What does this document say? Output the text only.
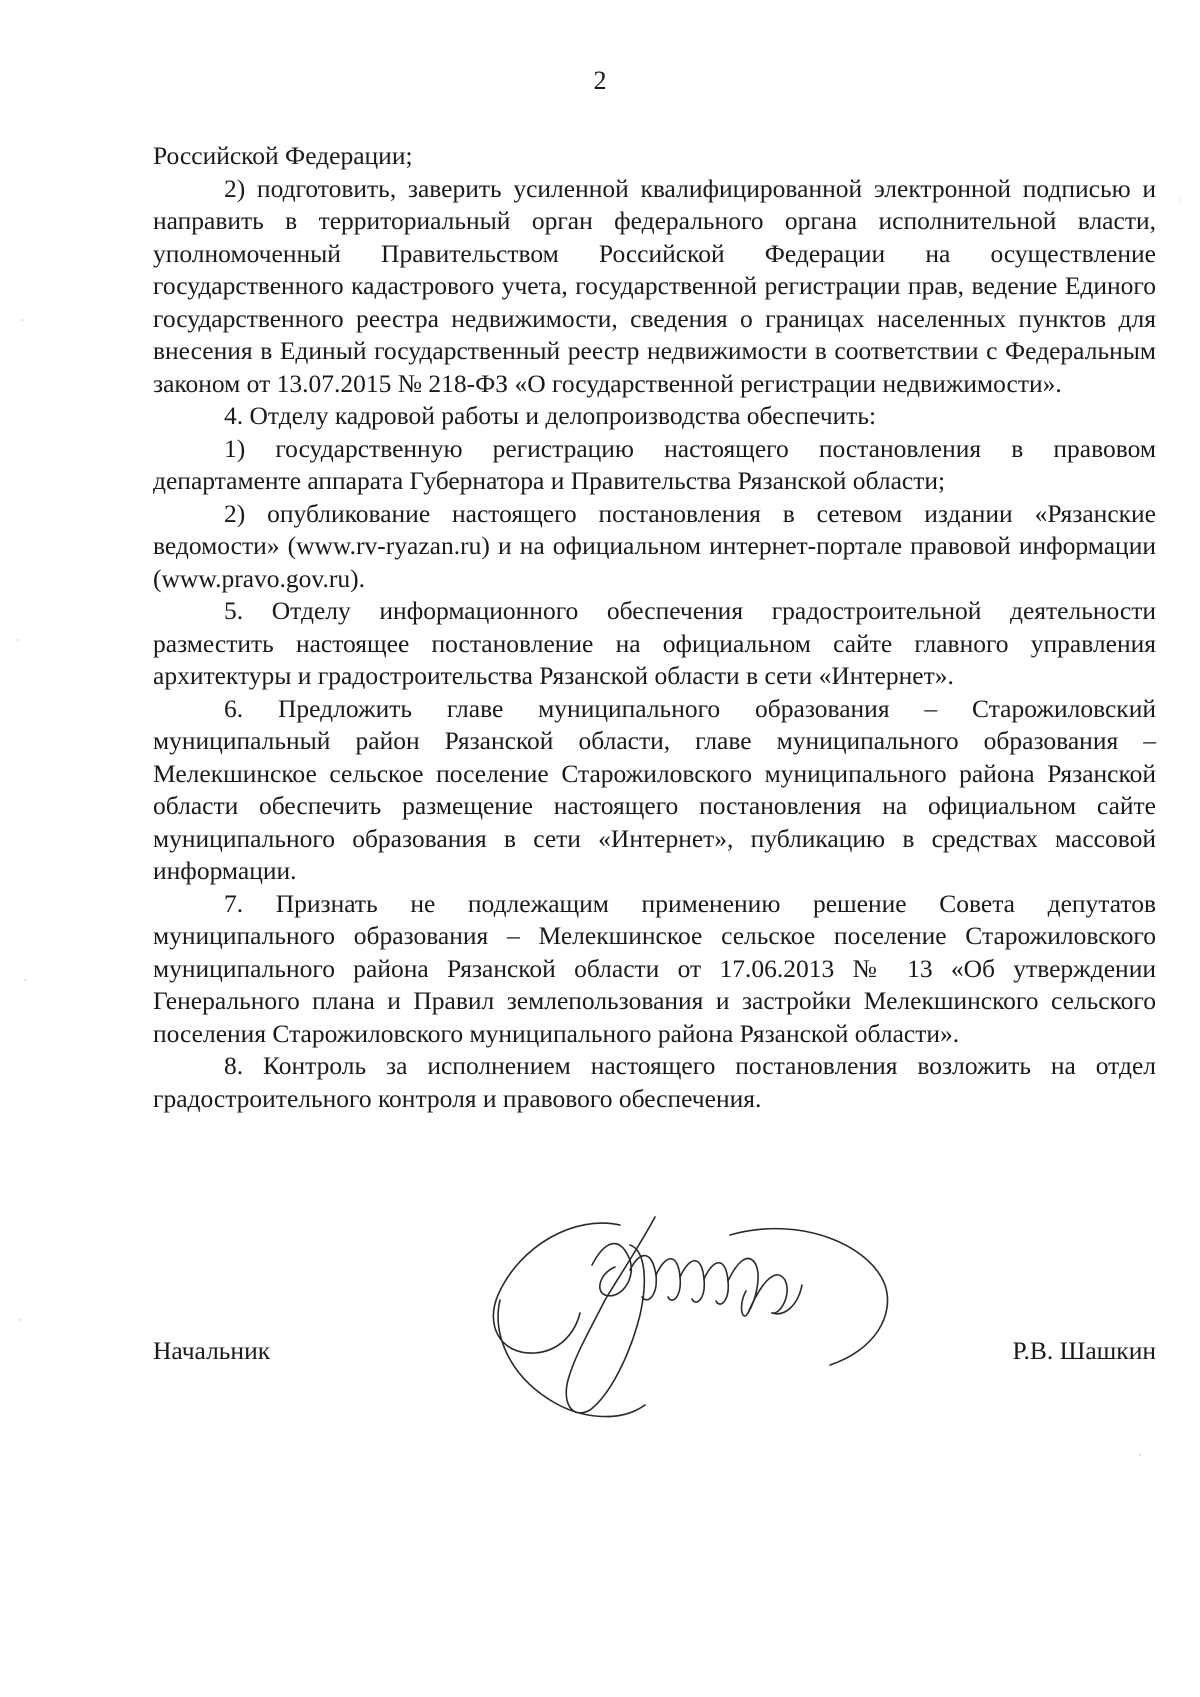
2

Российской Федерации;

2) подготовить, заверить усиленной квалифицированной электронной подписью и направить в территориальный орган федерального органа исполнительной власти, уполномоченный Правительством Российской Федерации на осуществление государственного кадастрового учета, государственной регистрации прав, ведение Единого государственного реестра недвижимости, сведения о границах населенных пунктов для внесения в Единый государственный реестр недвижимости в соответствии с Федеральным законом от 13.07.2015 № 218-ФЗ «О государственной регистрации недвижимости».

4. Отделу кадровой работы и делопроизводства обеспечить:

1) государственную регистрацию настоящего постановления в правовом департаменте аппарата Губернатора и Правительства Рязанской области;

2) опубликование настоящего постановления в сетевом издании «Рязанские ведомости» (www.rv-ryazan.ru) и на официальном интернет-портале правовой информации (www.pravo.gov.ru).

5. Отделу информационного обеспечения градостроительной деятельности разместить настоящее постановление на официальном сайте главного управления архитектуры и градостроительства Рязанской области в сети «Интернет».

6. Предложить главе муниципального образования – Старожиловский муниципальный район Рязанской области, главе муниципального образования – Мелекшинское сельское поселение Старожиловского муниципального района Рязанской области обеспечить размещение настоящего постановления на официальном сайте муниципального образования в сети «Интернет», публикацию в средствах массовой информации.

7. Признать не подлежащим применению решение Совета депутатов муниципального образования – Мелекшинское сельское поселение Старожиловского муниципального района Рязанской области от 17.06.2013 № 13 «Об утверждении Генерального плана и Правил землепользования и застройки Мелекшинского сельского поселения Старожиловского муниципального района Рязанской области».

8. Контроль за исполнением настоящего постановления возложить на отдел градостроительного контроля и правового обеспечения.

Начальник	Р.В. Шашкин
